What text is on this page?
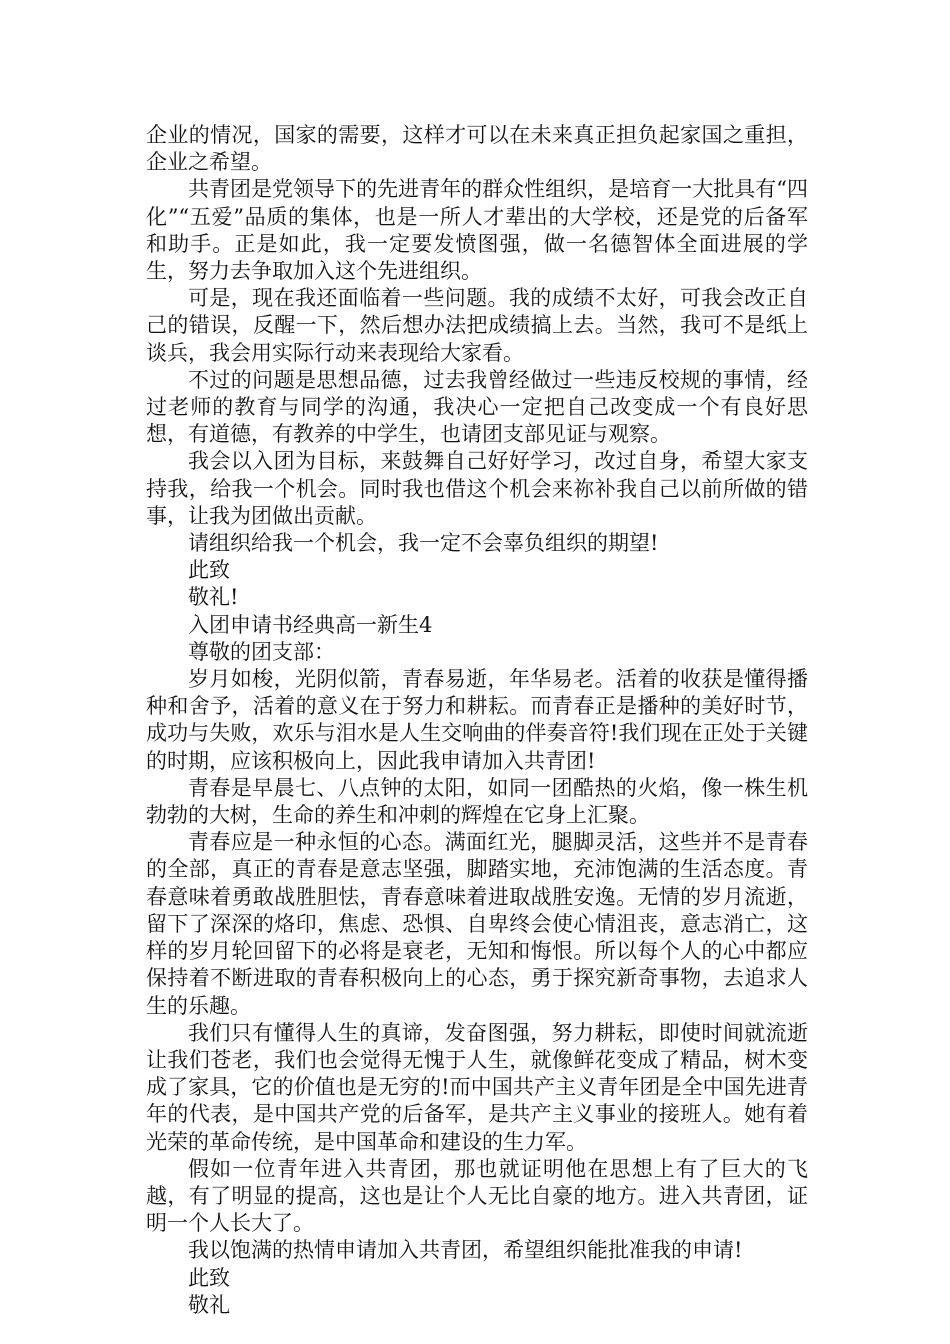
企业的情况，国家的需要，这样才可以在未来真正担负起家国之重担，企业之希望。

共青团是党领导下的先进青年的群众性组织，是培育一大批具有“四化”“五爱”品质的集体，也是一所人才辈出的大学校，还是党的后备军和助手。正是如此，我一定要发愤图强，做一名德智体全面进展的学生，努力去争取加入这个先进组织。

可是，现在我还面临着一些问题。我的成绩不太好，可我会改正自己的错误，反醒一下，然后想办法把成绩搞上去。当然，我可不是纸上谈兵，我会用实际行动来表现给大家看。

不过的问题是思想品德，过去我曾经做过一些违反校规的事情，经过老师的教育与同学的沟通，我决心一定把自己改变成一个有良好思想，有道德，有教养的中学生，也请团支部见证与观察。

我会以入团为目标，来鼓舞自己好好学习，改过自身，希望大家支持我，给我一个机会。同时我也借这个机会来祢补我自己以前所做的错事，让我为团做出贡献。

请组织给我一个机会，我一定不会辜负组织的期望!

此致

敬礼!

入团申请书经典高一新生4

尊敬的团支部：

岁月如梭，光阴似箭，青春易逝，年华易老。活着的收获是懂得播种和舍予，活着的意义在于努力和耕耘。而青春正是播种的美好时节，成功与失败，欢乐与泪水是人生交响曲的伴奏音符!我们现在正处于关键的时期，应该积极向上，因此我申请加入共青团!

青春是早晨七、八点钟的太阳，如同一团酷热的火焰，像一株生机勃勃的大树，生命的养生和冲刺的辉煌在它身上汇聚。

青春应是一种永恒的心态。满面红光，腿脚灵活，这些并不是青春的全部，真正的青春是意志坚强，脚踏实地，充沛饱满的生活态度。青春意味着勇敢战胜胆怯，青春意味着进取战胜安逸。无情的岁月流逝，留下了深深的烙印，焦虑、恐惧、自卑终会使心情沮丧，意志消亡，这样的岁月轮回留下的必将是衰老，无知和悔恨。所以每个人的心中都应保持着不断进取的青春积极向上的心态，勇于探究新奇事物，去追求人生的乐趣。

我们只有懂得人生的真谛，发奋图强，努力耕耘，即使时间就流逝让我们苍老，我们也会觉得无愧于人生，就像鲜花变成了精品，树木变成了家具，它的价值也是无穷的!而中国共产主义青年团是全中国先进青年的代表，是中国共产党的后备军，是共产主义事业的接班人。她有着光荣的革命传统，是中国革命和建设的生力军。

假如一位青年进入共青团，那也就证明他在思想上有了巨大的飞越，有了明显的提高，这也是让个人无比自豪的地方。进入共青团，证明一个人长大了。

我以饱满的热情申请加入共青团，希望组织能批准我的申请!

此致

敬礼
